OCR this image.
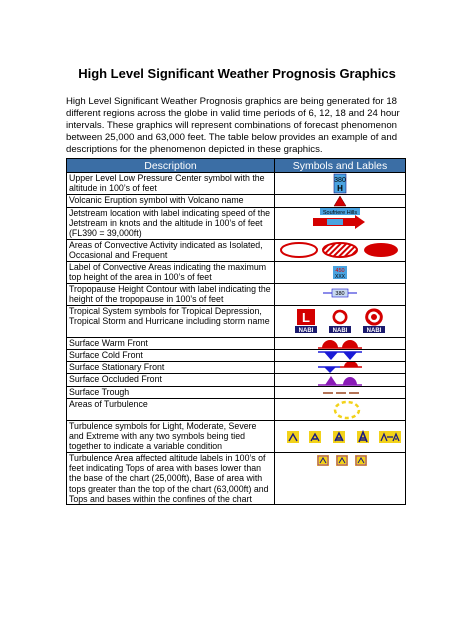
High Level Significant Weather Prognosis Graphics
High Level Significant Weather Prognosis graphics are being generated for 18 different regions across the globe in valid time periods of 6, 12, 18 and 24 hour intervals. These graphics will represent combinations of forecast phenomenon between 25,000 and 63,000 feet. The table below provides an example of and descriptions for the phenomenon depicted in these graphics.
Description	Symbols and Lables
Upper Level Low Pressure Center symbol with the altitude in 100’s of feet	380
H

Volcanic Eruption symbol with Volcano name	

Jetstream location with label indicating speed of the Jetstream in knots and the altitude in 100’s of feet (FL390 = 39,000ft)	Soufriere Hills

Areas of Convective Activity indicated as Isolated, Occasional and Frequent	

Label of Convective Areas indicating the maximum top height of the area in 100’s of feet	450
XXX

Tropopause Height Contour with label indicating the height of the tropopause in 100’s of feet	380

Tropical System symbols for Tropical Depression, Tropical Storm and Hurricane including storm name	L
NABI NABI NABI

Surface Warm Front	

Surface Cold Front	

Surface Stationary Front	

Surface Occluded Front	

Surface Trough	

Areas of Turbulence	

Turbulence symbols for Light, Moderate, Severe and Extreme with any two symbols being tied together to indicate a variable condition	

Turbulence Area affected altitude labels in 100’s of feet indicating Tops of area with bases lower than the base of the chart (25,000ft), Base of area with tops greater than the top of the chart (63,000ft) and Tops and bases within the confines of the chart	
